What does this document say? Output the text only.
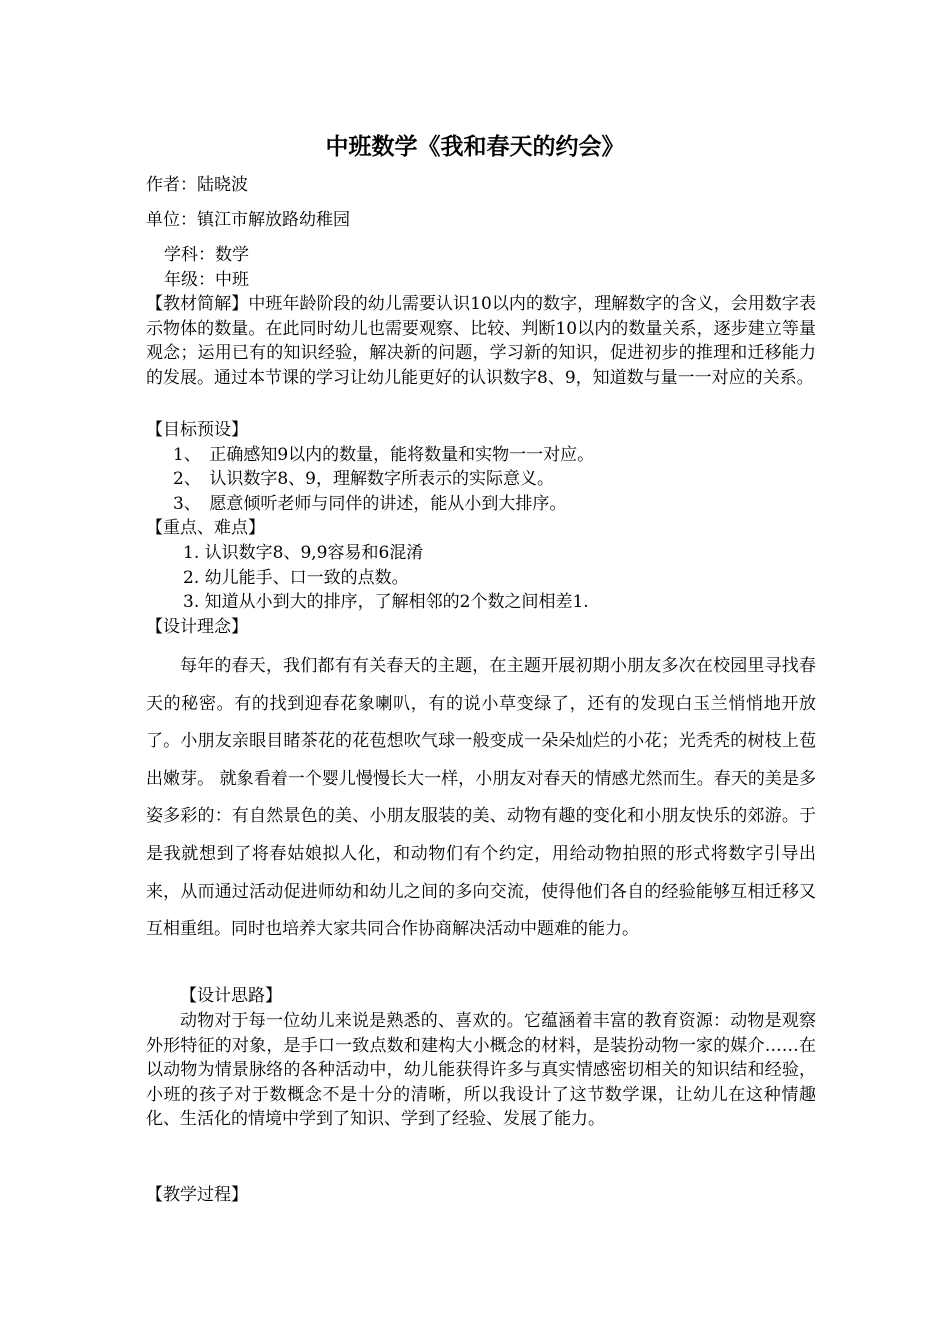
中班数学《我和春天的约会》

作者：陆晓波

单位：镇江市解放路幼稚园

学科：数学

年级：中班

【教材简解】中班年龄阶段的幼儿需要认识10以内的数字，理解数字的含义，会用数字表示物体的数量。在此同时幼儿也需要观察、比较、判断10以内的数量关系，逐步建立等量观念；运用已有的知识经验，解决新的问题，学习新的知识，促进初步的推理和迁移能力的发展。通过本节课的学习让幼儿能更好的认识数字8、9，知道数与量一一对应的关系。

【目标预设】

1、　正确感知9以内的数量，能将数量和实物一一对应。

2、　认识数字8、9，理解数字所表示的实际意义。

3、　愿意倾听老师与同伴的讲述，能从小到大排序。

【重点、难点】

1. 认识数字8、9,9容易和6混淆

2. 幼儿能手、口一致的点数。

3. 知道从小到大的排序，了解相邻的2个数之间相差1.

【设计理念】

每年的春天，我们都有有关春天的主题，在主题开展初期小朋友多次在校园里寻找春天的秘密。有的找到迎春花象喇叭，有的说小草变绿了，还有的发现白玉兰悄悄地开放了。小朋友亲眼目睹茶花的花苞想吹气球一般变成一朵朵灿烂的小花；光秃秃的树枝上苞出嫩芽。 就象看着一个婴儿慢慢长大一样，小朋友对春天的情感尤然而生。春天的美是多姿多彩的：有自然景色的美、小朋友服装的美、动物有趣的变化和小朋友快乐的郊游。于是我就想到了将春姑娘拟人化，和动物们有个约定，用给动物拍照的形式将数字引导出来，从而通过活动促进师幼和幼儿之间的多向交流，使得他们各自的经验能够互相迁移又互相重组。同时也培养大家共同合作协商解决活动中题难的能力。

【设计思路】

动物对于每一位幼儿来说是熟悉的、喜欢的。它蕴涵着丰富的教育资源：动物是观察外形特征的对象，是手口一致点数和建构大小概念的材料，是装扮动物一家的媒介……在以动物为情景脉络的各种活动中，幼儿能获得许多与真实情感密切相关的知识结和经验，小班的孩子对于数概念不是十分的清晰，所以我设计了这节数学课，让幼儿在这种情趣化、生活化的情境中学到了知识、学到了经验、发展了能力。

【教学过程】
